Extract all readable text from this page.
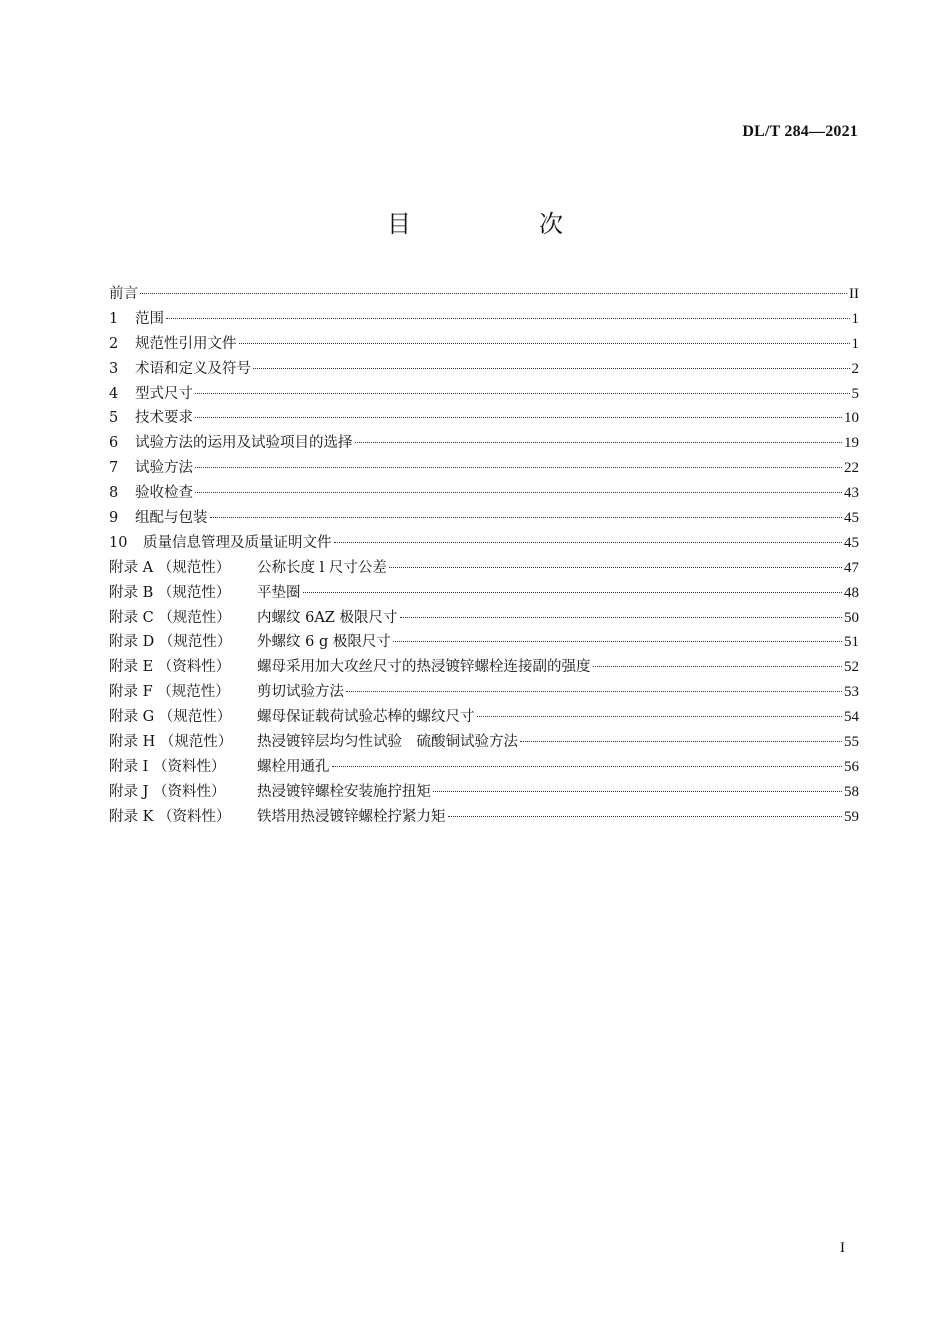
DL/T 284—2021
目　次
前言	II
1	范围	1
2	规范性引用文件	1
3	术语和定义及符号	2
4	型式尺寸	5
5	技术要求	10
6	试验方法的运用及试验项目的选择	19
7	试验方法	22
8	验收检查	43
9	组配与包装	45
10	质量信息管理及质量证明文件	45
附录 A （规范性）	公称长度 l 尺寸公差	47
附录 B （规范性）	平垫圈	48
附录 C （规范性）	内螺纹 6AZ 极限尺寸	50
附录 D （规范性）	外螺纹 6 g 极限尺寸	51
附录 E （资料性）	螺母采用加大攻丝尺寸的热浸镀锌螺栓连接副的强度	52
附录 F （规范性）	剪切试验方法	53
附录 G （规范性）	螺母保证载荷试验芯棒的螺纹尺寸	54
附录 H （规范性）	热浸镀锌层均匀性试验　硫酸铜试验方法	55
附录 I （资料性）	螺栓用通孔	56
附录 J （资料性）	热浸镀锌螺栓安装施拧扭矩	58
附录 K （资料性）	铁塔用热浸镀锌螺栓拧紧力矩	59
I
